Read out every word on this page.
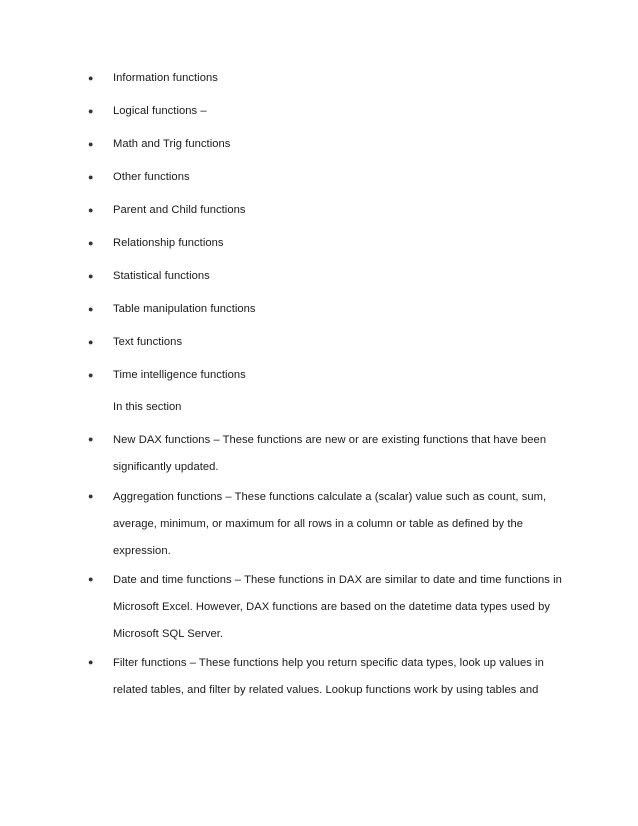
● Information functions
● Logical functions –
● Math and Trig functions
● Other functions
● Parent and Child functions
● Relationship functions
● Statistical functions
● Table manipulation functions
● Text functions
● Time intelligence functions
In this section
● New DAX functions – These functions are new or are existing functions that have been significantly updated.
● Aggregation functions – These functions calculate a (scalar) value such as count, sum, average, minimum, or maximum for all rows in a column or table as defined by the expression.
● Date and time functions – These functions in DAX are similar to date and time functions in Microsoft Excel. However, DAX functions are based on the datetime data types used by Microsoft SQL Server.
● Filter functions – These functions help you return specific data types, look up values in related tables, and filter by related values. Lookup functions work by using tables and
